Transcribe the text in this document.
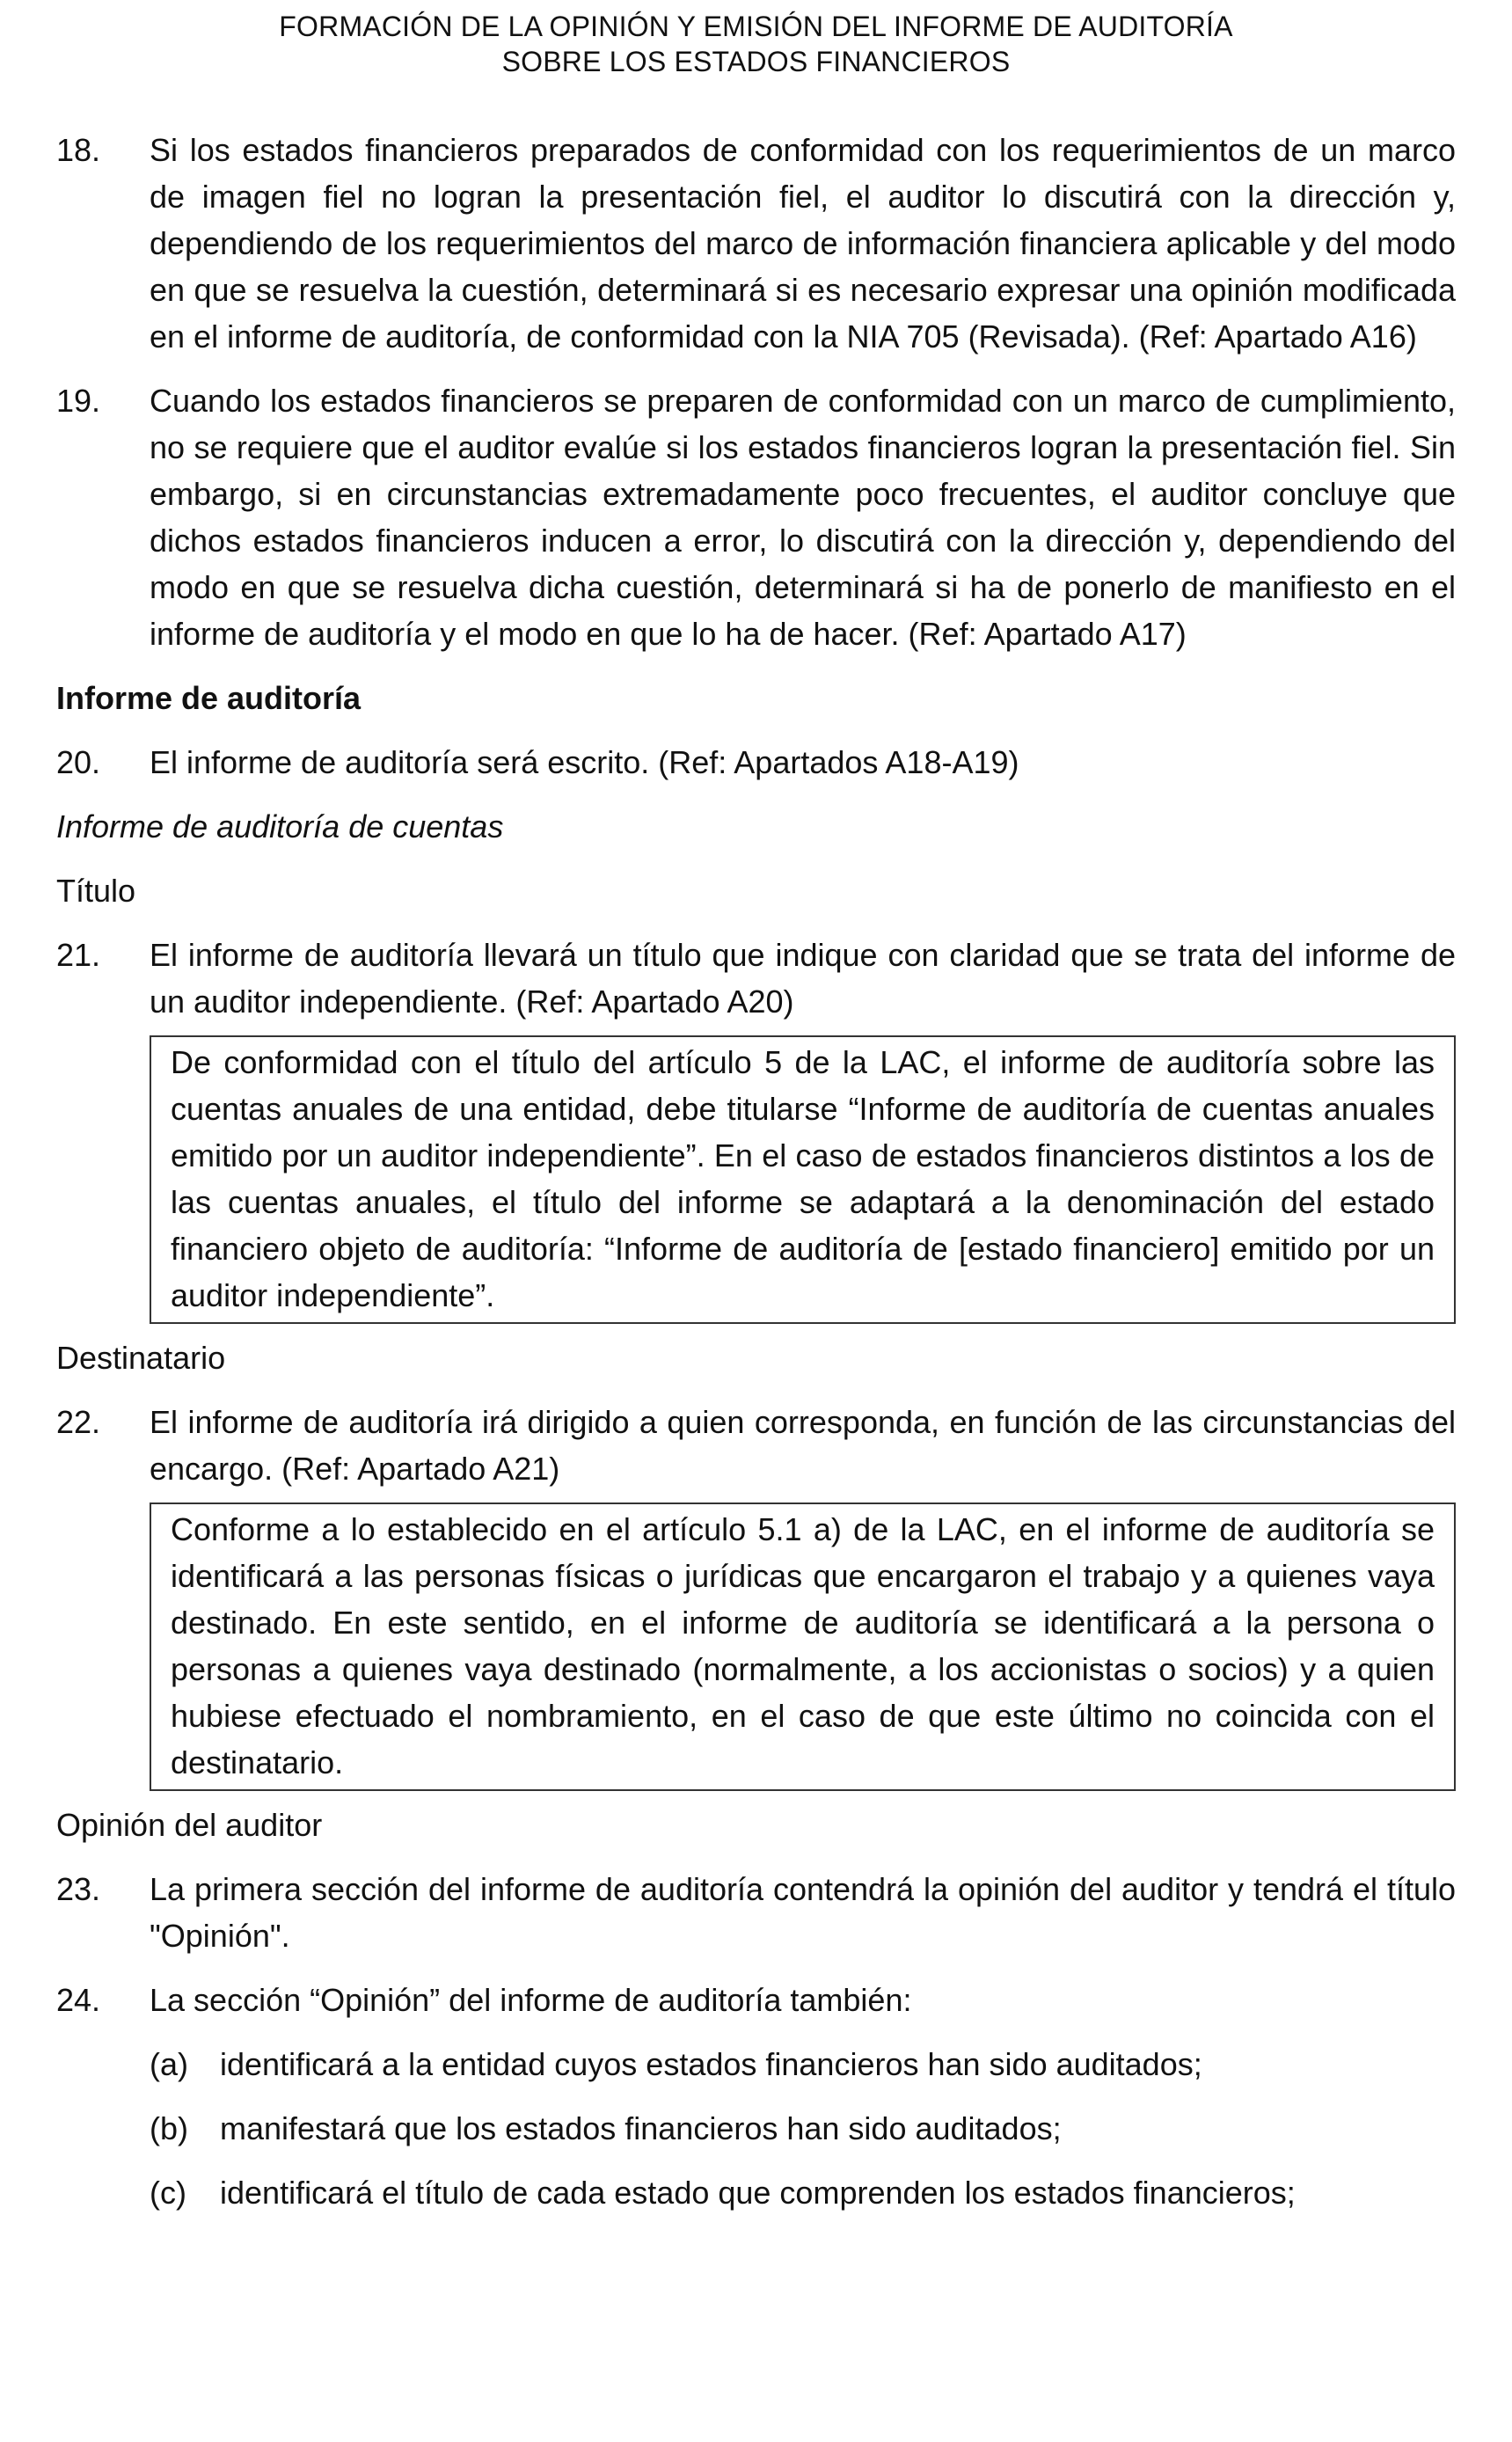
FORMACIÓN DE LA OPINIÓN Y EMISIÓN DEL INFORME DE AUDITORÍA
SOBRE LOS ESTADOS FINANCIEROS
18.	Si los estados financieros preparados de conformidad con los requerimientos de un marco de imagen fiel no logran la presentación fiel, el auditor lo discutirá con la dirección y, dependiendo de los requerimientos del marco de información financiera aplicable y del modo en que se resuelva la cuestión, determinará si es necesario expresar una opinión modificada en el informe de auditoría, de conformidad con la NIA 705 (Revisada). (Ref: Apartado A16)
19.	Cuando los estados financieros se preparen de conformidad con un marco de cumplimiento, no se requiere que el auditor evalúe si los estados financieros logran la presentación fiel. Sin embargo, si en circunstancias extremadamente poco frecuentes, el auditor concluye que dichos estados financieros inducen a error, lo discutirá con la dirección y, dependiendo del modo en que se resuelva dicha cuestión, determinará si ha de ponerlo de manifiesto en el informe de auditoría y el modo en que lo ha de hacer. (Ref: Apartado A17)
Informe de auditoría
20.	El informe de auditoría será escrito. (Ref: Apartados A18-A19)
Informe de auditoría de cuentas
Título
21.	El informe de auditoría llevará un título que indique con claridad que se trata del informe de un auditor independiente. (Ref: Apartado A20)
De conformidad con el título del artículo 5 de la LAC, el informe de auditoría sobre las cuentas anuales de una entidad, debe titularse “Informe de auditoría de cuentas anuales emitido por un auditor independiente”. En el caso de estados financieros distintos a los de las cuentas anuales, el título del informe se adaptará a la denominación del estado financiero objeto de auditoría: “Informe de auditoría de [estado financiero] emitido por un auditor independiente”.
Destinatario
22.	El informe de auditoría irá dirigido a quien corresponda, en función de las circunstancias del encargo. (Ref: Apartado A21)
Conforme a lo establecido en el artículo 5.1 a) de la LAC, en el informe de auditoría se identificará a las personas físicas o jurídicas que encargaron el trabajo y a quienes vaya destinado. En este sentido, en el informe de auditoría se identificará a la persona o personas a quienes vaya destinado (normalmente, a los accionistas o socios) y a quien hubiese efectuado el nombramiento, en el caso de que este último no coincida con el destinatario.
Opinión del auditor
23.	La primera sección del informe de auditoría contendrá la opinión del auditor y tendrá el título "Opinión".
24.	La sección “Opinión” del informe de auditoría también:
(a)	identificará a la entidad cuyos estados financieros han sido auditados;
(b)	manifestará que los estados financieros han sido auditados;
(c)	identificará el título de cada estado que comprenden los estados financieros;
